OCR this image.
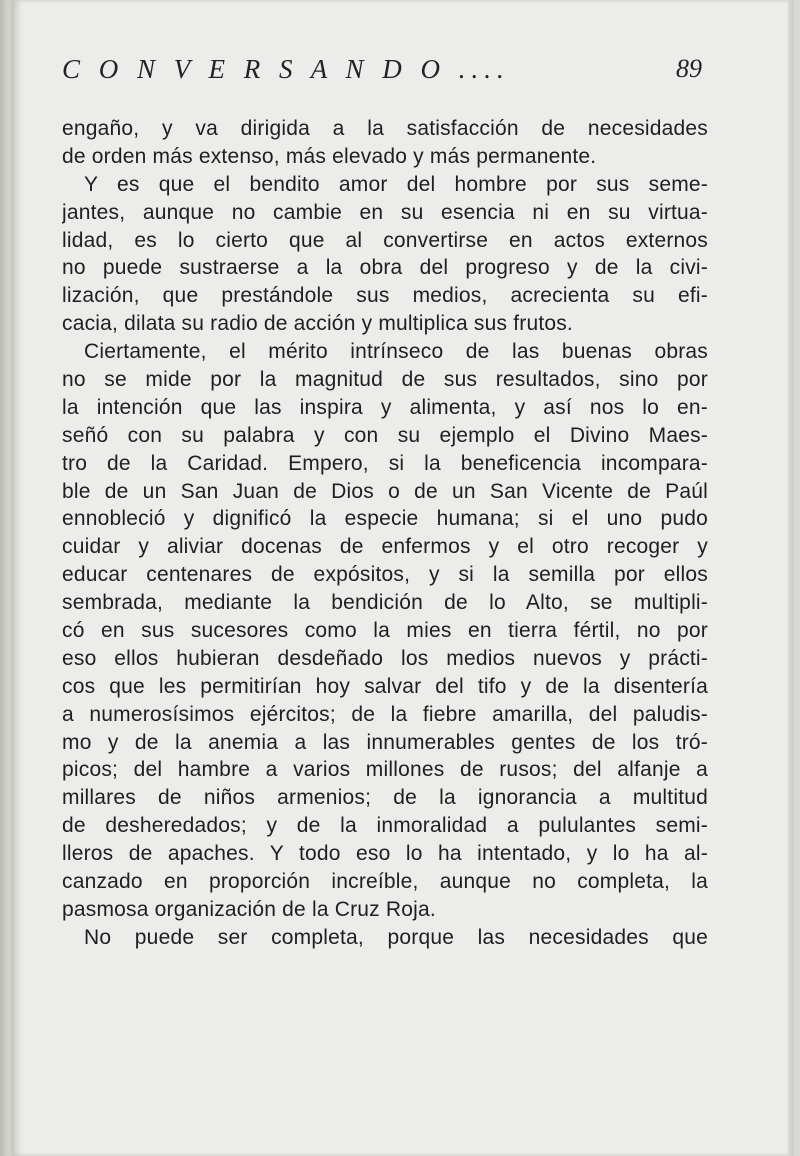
C O N V E R S A N D O ....	89
engaño, y va dirigida a la satisfacción de necesidades
de orden más extenso, más elevado y más permanente.
Y es que el bendito amor del hombre por sus seme-
jantes, aunque no cambie en su esencia ni en su virtua-
lidad, es lo cierto que al convertirse en actos externos
no puede sustraerse a la obra del progreso y de la civi-
lización, que prestándole sus medios, acrecienta su efi-
cacia, dilata su radio de acción y multiplica sus frutos.
Ciertamente, el mérito intrínseco de las buenas obras
no se mide por la magnitud de sus resultados, sino por
la intención que las inspira y alimenta, y así nos lo en-
señó con su palabra y con su ejemplo el Divino Maes-
tro de la Caridad. Empero, si la beneficencia incompara-
ble de un San Juan de Dios o de un San Vicente de Paúl
ennobleció y dignificó la especie humana; si el uno pudo
cuidar y aliviar docenas de enfermos y el otro recoger y
educar centenares de expósitos, y si la semilla por ellos
sembrada, mediante la bendición de lo Alto, se multipli-
có en sus sucesores como la mies en tierra fértil, no por
eso ellos hubieran desdeñado los medios nuevos y prácti-
cos que les permitirían hoy salvar del tifo y de la disentería
a numerosísimos ejércitos; de la fiebre amarilla, del paludis-
mo y de la anemia a las innumerables gentes de los tró-
picos; del hambre a varios millones de rusos; del alfanje a
millares de niños armenios; de la ignorancia a multitud
de desheredados; y de la inmoralidad a pululantes semi-
lleros de apaches. Y todo eso lo ha intentado, y lo ha al-
canzado en proporción increíble, aunque no completa, la
pasmosa organización de la Cruz Roja.
No puede ser completa, porque las necesidades que
